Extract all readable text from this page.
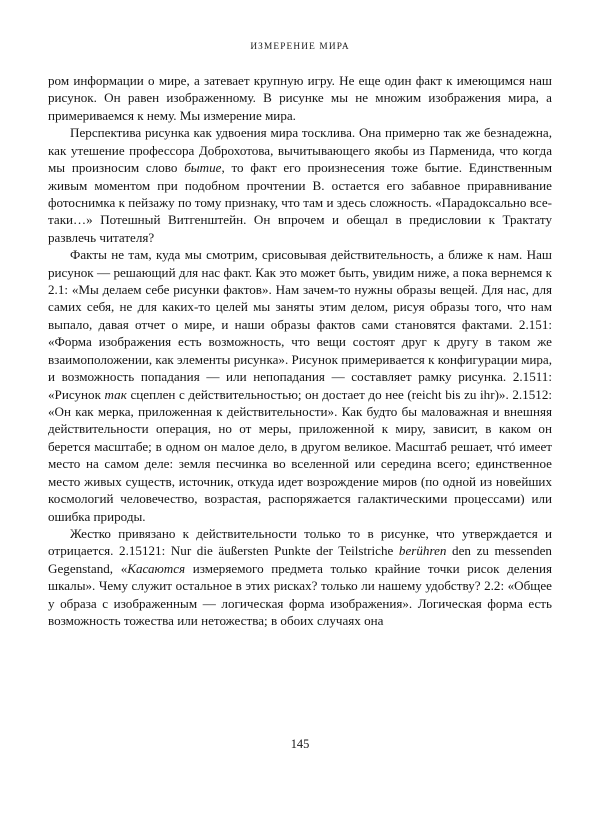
ИЗМЕРЕНИЕ МИРА

ром информации о мире, а затевает крупную игру. Не еще один факт к имеющимся наш рисунок. Он равен изображенному. В рисунке мы не множим изображения мира, а примериваемся к нему. Мы измерение мира.

Перспектива рисунка как удвоения мира тосклива. Она примерно так же безнадежна, как утешение профессора Доброхотова, вычитывающего якобы из Парменида, что когда мы произносим слово бытие, то факт его произнесения тоже бытие. Единственным живым моментом при подобном прочтении В. остается его забавное приравнивание фотоснимка к пейзажу по тому признаку, что там и здесь сложность. «Парадоксально все-таки…» Потешный Витгенштейн. Он впрочем и обещал в предисловии к Трактату развлечь читателя?

Факты не там, куда мы смотрим, срисовывая действительность, а ближе к нам. Наш рисунок — решающий для нас факт. Как это может быть, увидим ниже, а пока вернемся к 2.1: «Мы делаем себе рисунки фактов». Нам зачем-то нужны образы вещей. Для нас, для самих себя, не для каких-то целей мы заняты этим делом, рисуя образы того, что нам выпало, давая отчет о мире, и наши образы фактов сами становятся фактами. 2.151: «Форма изображения есть возможность, что вещи состоят друг к другу в таком же взаимоположении, как элементы рисунка». Рисунок примеривается к конфигурации мира, и возможность попадания — или непопадания — составляет рамку рисунка. 2.1511: «Рисунок так сцеплен с действительностью; он достает до нее (reicht bis zu ihr)». 2.1512: «Он как мерка, приложенная к действительности». Как будто бы маловажная и внешняя действительности операция, но от меры, приложенной к миру, зависит, в каком он берется масштабе; в одном он малое дело, в другом великое. Масштаб решает, чтó имеет место на самом деле: земля песчинка во вселенной или середина всего; единственное место живых существ, источник, откуда идет возрождение миров (по одной из новейших космологий человечество, возрастая, распоряжается галактическими процессами) или ошибка природы.

Жестко привязано к действительности только то в рисунке, что утверждается и отрицается. 2.15121: Nur die äußersten Punkte der Teilstriche berühren den zu messenden Gegenstand, «Касаются измеряемого предмета только крайние точки рисок деления шкалы». Чему служит остальное в этих рисках? только ли нашему удобству? 2.2: «Общее у образа с изображенным — логическая форма изображения». Логическая форма есть возможность тожества или нетожества; в обоих случаях она

145
